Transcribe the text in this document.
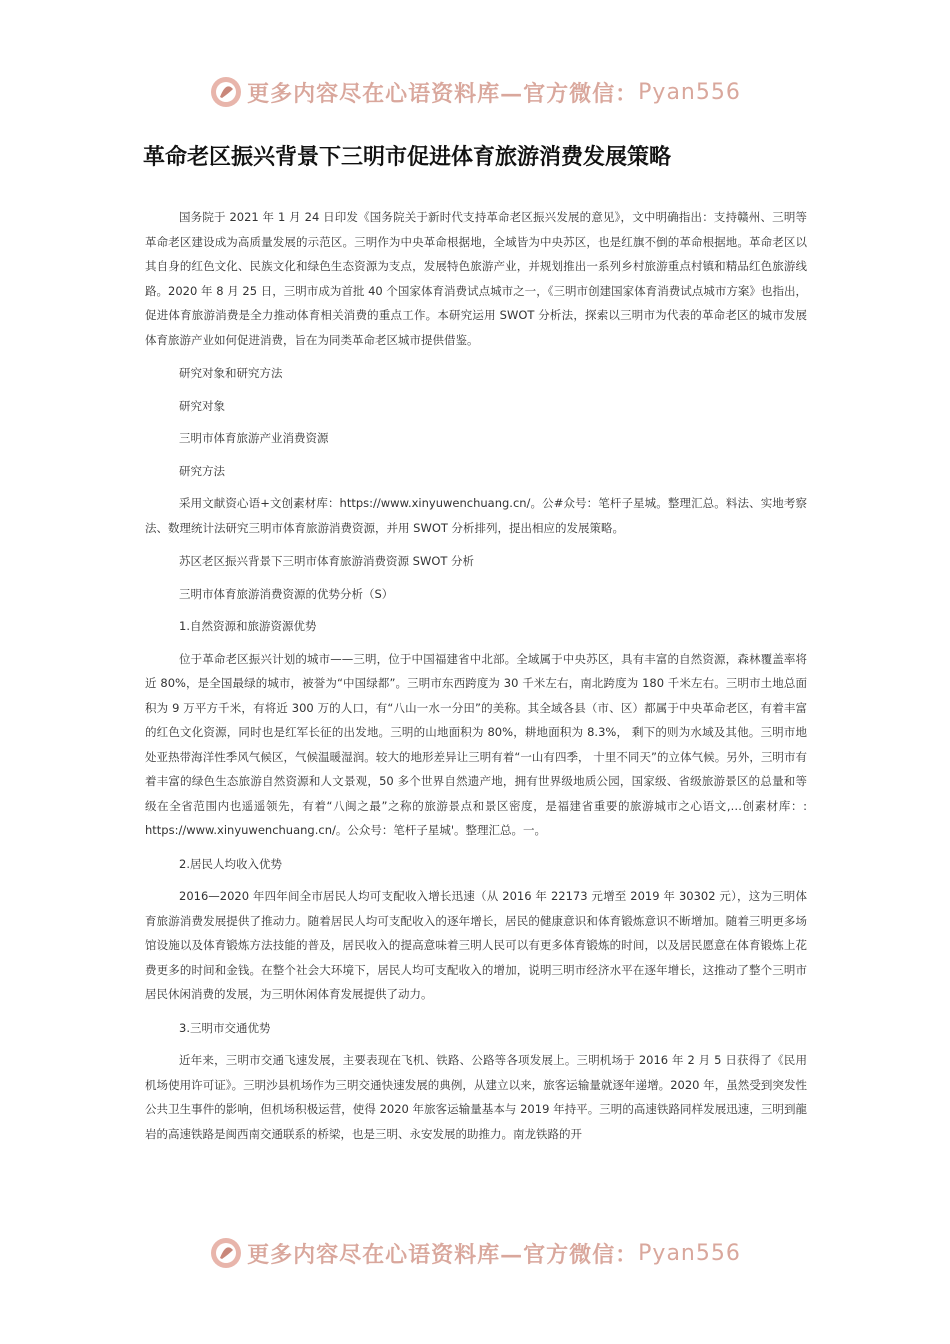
更多内容尽在心语资料库—官方微信： Pyan556
革命老区振兴背景下三明市促进体育旅游消费发展策略

国务院于 2021 年 1 月 24 日印发《国务院关于新时代支持革命老区振兴发展的意见》，文中明确指出：支持赣州、三明等革命老区建设成为高质量发展的示范区。三明作为中央革命根据地，全域皆为中央苏区，也是红旗不倒的革命根据地。革命老区以其自身的红色文化、民族文化和绿色生态资源为支点，发展特色旅游产业，并规划推出一系列乡村旅游重点村镇和精品红色旅游线路。2020 年 8 月 25 日，三明市成为首批 40 个国家体育消费试点城市之一，《三明市创建国家体育消费试点城市方案》也指出，促进体育旅游消费是全力推动体育相关消费的重点工作。本研究运用 SWOT 分析法，探索以三明市为代表的革命老区的城市发展体育旅游产业如何促进消费，旨在为同类革命老区城市提供借鉴。

研究对象和研究方法

研究对象

三明市体育旅游产业消费资源

研究方法

采用文献资心语+文创素材库：https://www.xinyuwenchuang.cn/。公#众号：笔杆子星城。整理汇总。料法、实地考察法、数理统计法研究三明市体育旅游消费资源，并用 SWOT 分析排列，提出相应的发展策略。

苏区老区振兴背景下三明市体育旅游消费资源 SWOT 分析

三明市体育旅游消费资源的优势分析（S）

1.自然资源和旅游资源优势

位于革命老区振兴计划的城市——三明，位于中国福建省中北部。全域属于中央苏区，具有丰富的自然资源，森林覆盖率将近 80%，是全国最绿的城市，被誉为“中国绿都”。三明市东西跨度为 30 千米左右，南北跨度为 180 千米左右。三明市土地总面积为 9 万平方千米，有将近 300 万的人口，有“八山一水一分田”的美称。其全域各县（市、区）都属于中央革命老区，有着丰富的红色文化资源，同时也是红军长征的出发地。三明的山地面积为 80%，耕地面积为 8.3%， 剩下的则为水域及其他。三明市地处亚热带海洋性季风气候区，气候温暖湿润。较大的地形差异让三明有着“一山有四季， 十里不同天”的立体气候。另外，三明市有着丰富的绿色生态旅游自然资源和人文景观，50 多个世界自然遗产地，拥有世界级地质公园，国家级、省级旅游景区的总量和等级在全省范围内也遥遥领先，有着“八闽之最”之称的旅游景点和景区密度，是福建省重要的旅游城市之心语文,…创素材库：: https://www.xinyuwenchuang.cn/。公众号：笔杆子星城'。整理汇总。一。

2.居民人均收入优势

2016—2020 年四年间全市居民人均可支配收入增长迅速（从 2016 年 22173 元增至 2019 年 30302 元），这为三明体育旅游消费发展提供了推动力。随着居民人均可支配收入的逐年增长，居民的健康意识和体育锻炼意识不断增加。随着三明更多场馆设施以及体育锻炼方法技能的普及，居民收入的提高意味着三明人民可以有更多体育锻炼的时间，以及居民愿意在体育锻炼上花费更多的时间和金钱。在整个社会大环境下，居民人均可支配收入的增加，说明三明市经济水平在逐年增长，这推动了整个三明市居民休闲消费的发展，为三明休闲体育发展提供了动力。

3.三明市交通优势

近年来，三明市交通飞速发展，主要表现在飞机、铁路、公路等各项发展上。三明机场于 2016 年 2 月 5 日获得了《民用机场使用许可证》。三明沙县机场作为三明交通快速发展的典例，从建立以来，旅客运输量就逐年递增。2020 年，虽然受到突发性公共卫生事件的影响，但机场积极运营，使得 2020 年旅客运输量基本与 2019 年持平。三明的高速铁路同样发展迅速，三明到龍岩的高速铁路是闽西南交通联系的桥梁，也是三明、永安发展的助推力。南龙铁路的开

更多内容尽在心语资料库—官方微信： Pyan556
